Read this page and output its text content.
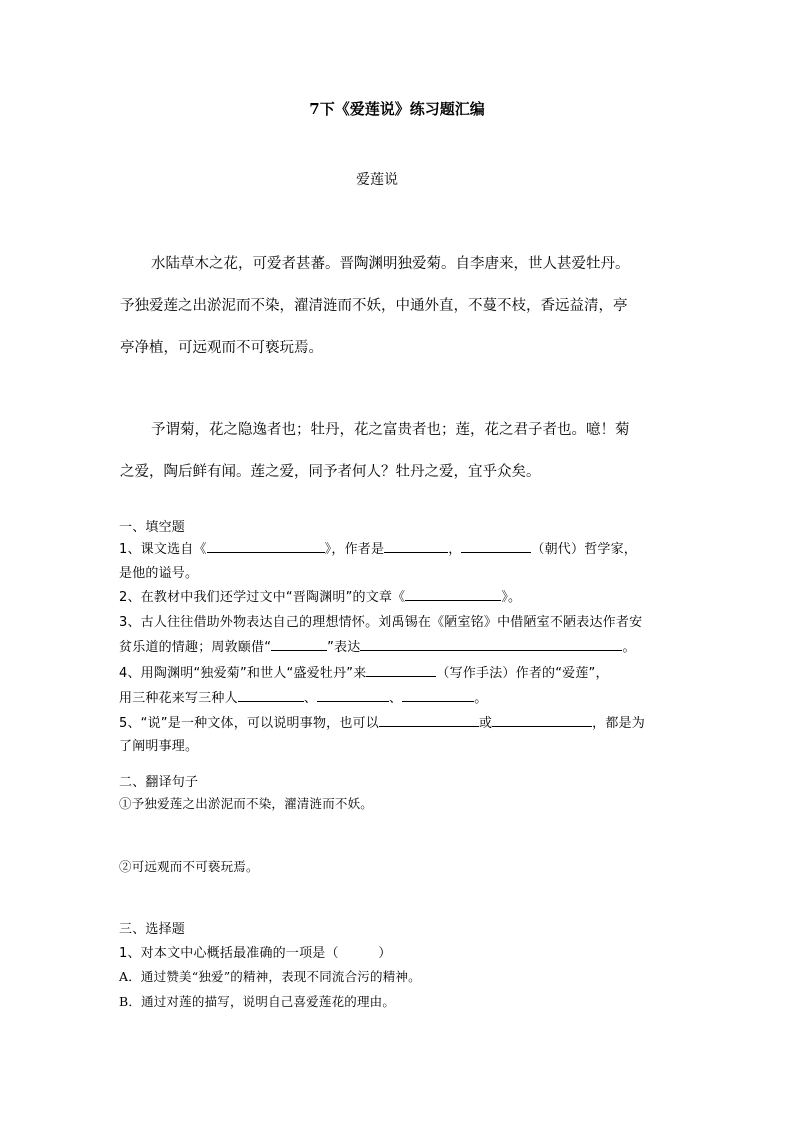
7下《爱莲说》练习题汇编
爱莲说
水陆草木之花，可爱者甚蕃。晋陶渊明独爱菊。自李唐来，世人甚爱牡丹。
予独爱莲之出淤泥而不染，濯清涟而不妖，中通外直，不蔓不枝，香远益清，亭
亭净植，可远观而不可亵玩焉。
予谓菊，花之隐逸者也；牡丹，花之富贵者也；莲，花之君子者也。噫！菊
之爱，陶后鲜有闻。莲之爱，同予者何人？牡丹之爱，宜乎众矣。
一、填空题
1、课文选自《	》，作者是	，	（朝代）哲学家，
是他的谥号。
2、在教材中我们还学过文中“晋陶渊明”的文章《	》。
3、古人往往借助外物表达自己的理想情怀。刘禹锡在《陋室铭》中借陋室不陋表达作者安
贫乐道的情趣；周敦颐借“	”表达	。
4、用陶渊明“独爱菊”和世人“盛爱牡丹”来	（写作手法）作者的“爱莲”，
用三种花来写三种人	、	、	。
5、“说”是一种文体，可以说明事物，也可以	或	，都是为
了阐明事理。
二、翻译句子
①予独爱莲之出淤泥而不染，濯清涟而不妖。
②可远观而不可亵玩焉。
三、选择题
1、对本文中心概括最准确的一项是（　　　）
A．通过赞美“独爱”的精神，表现不同流合污的精神。
B．通过对莲的描写，说明自己喜爱莲花的理由。
